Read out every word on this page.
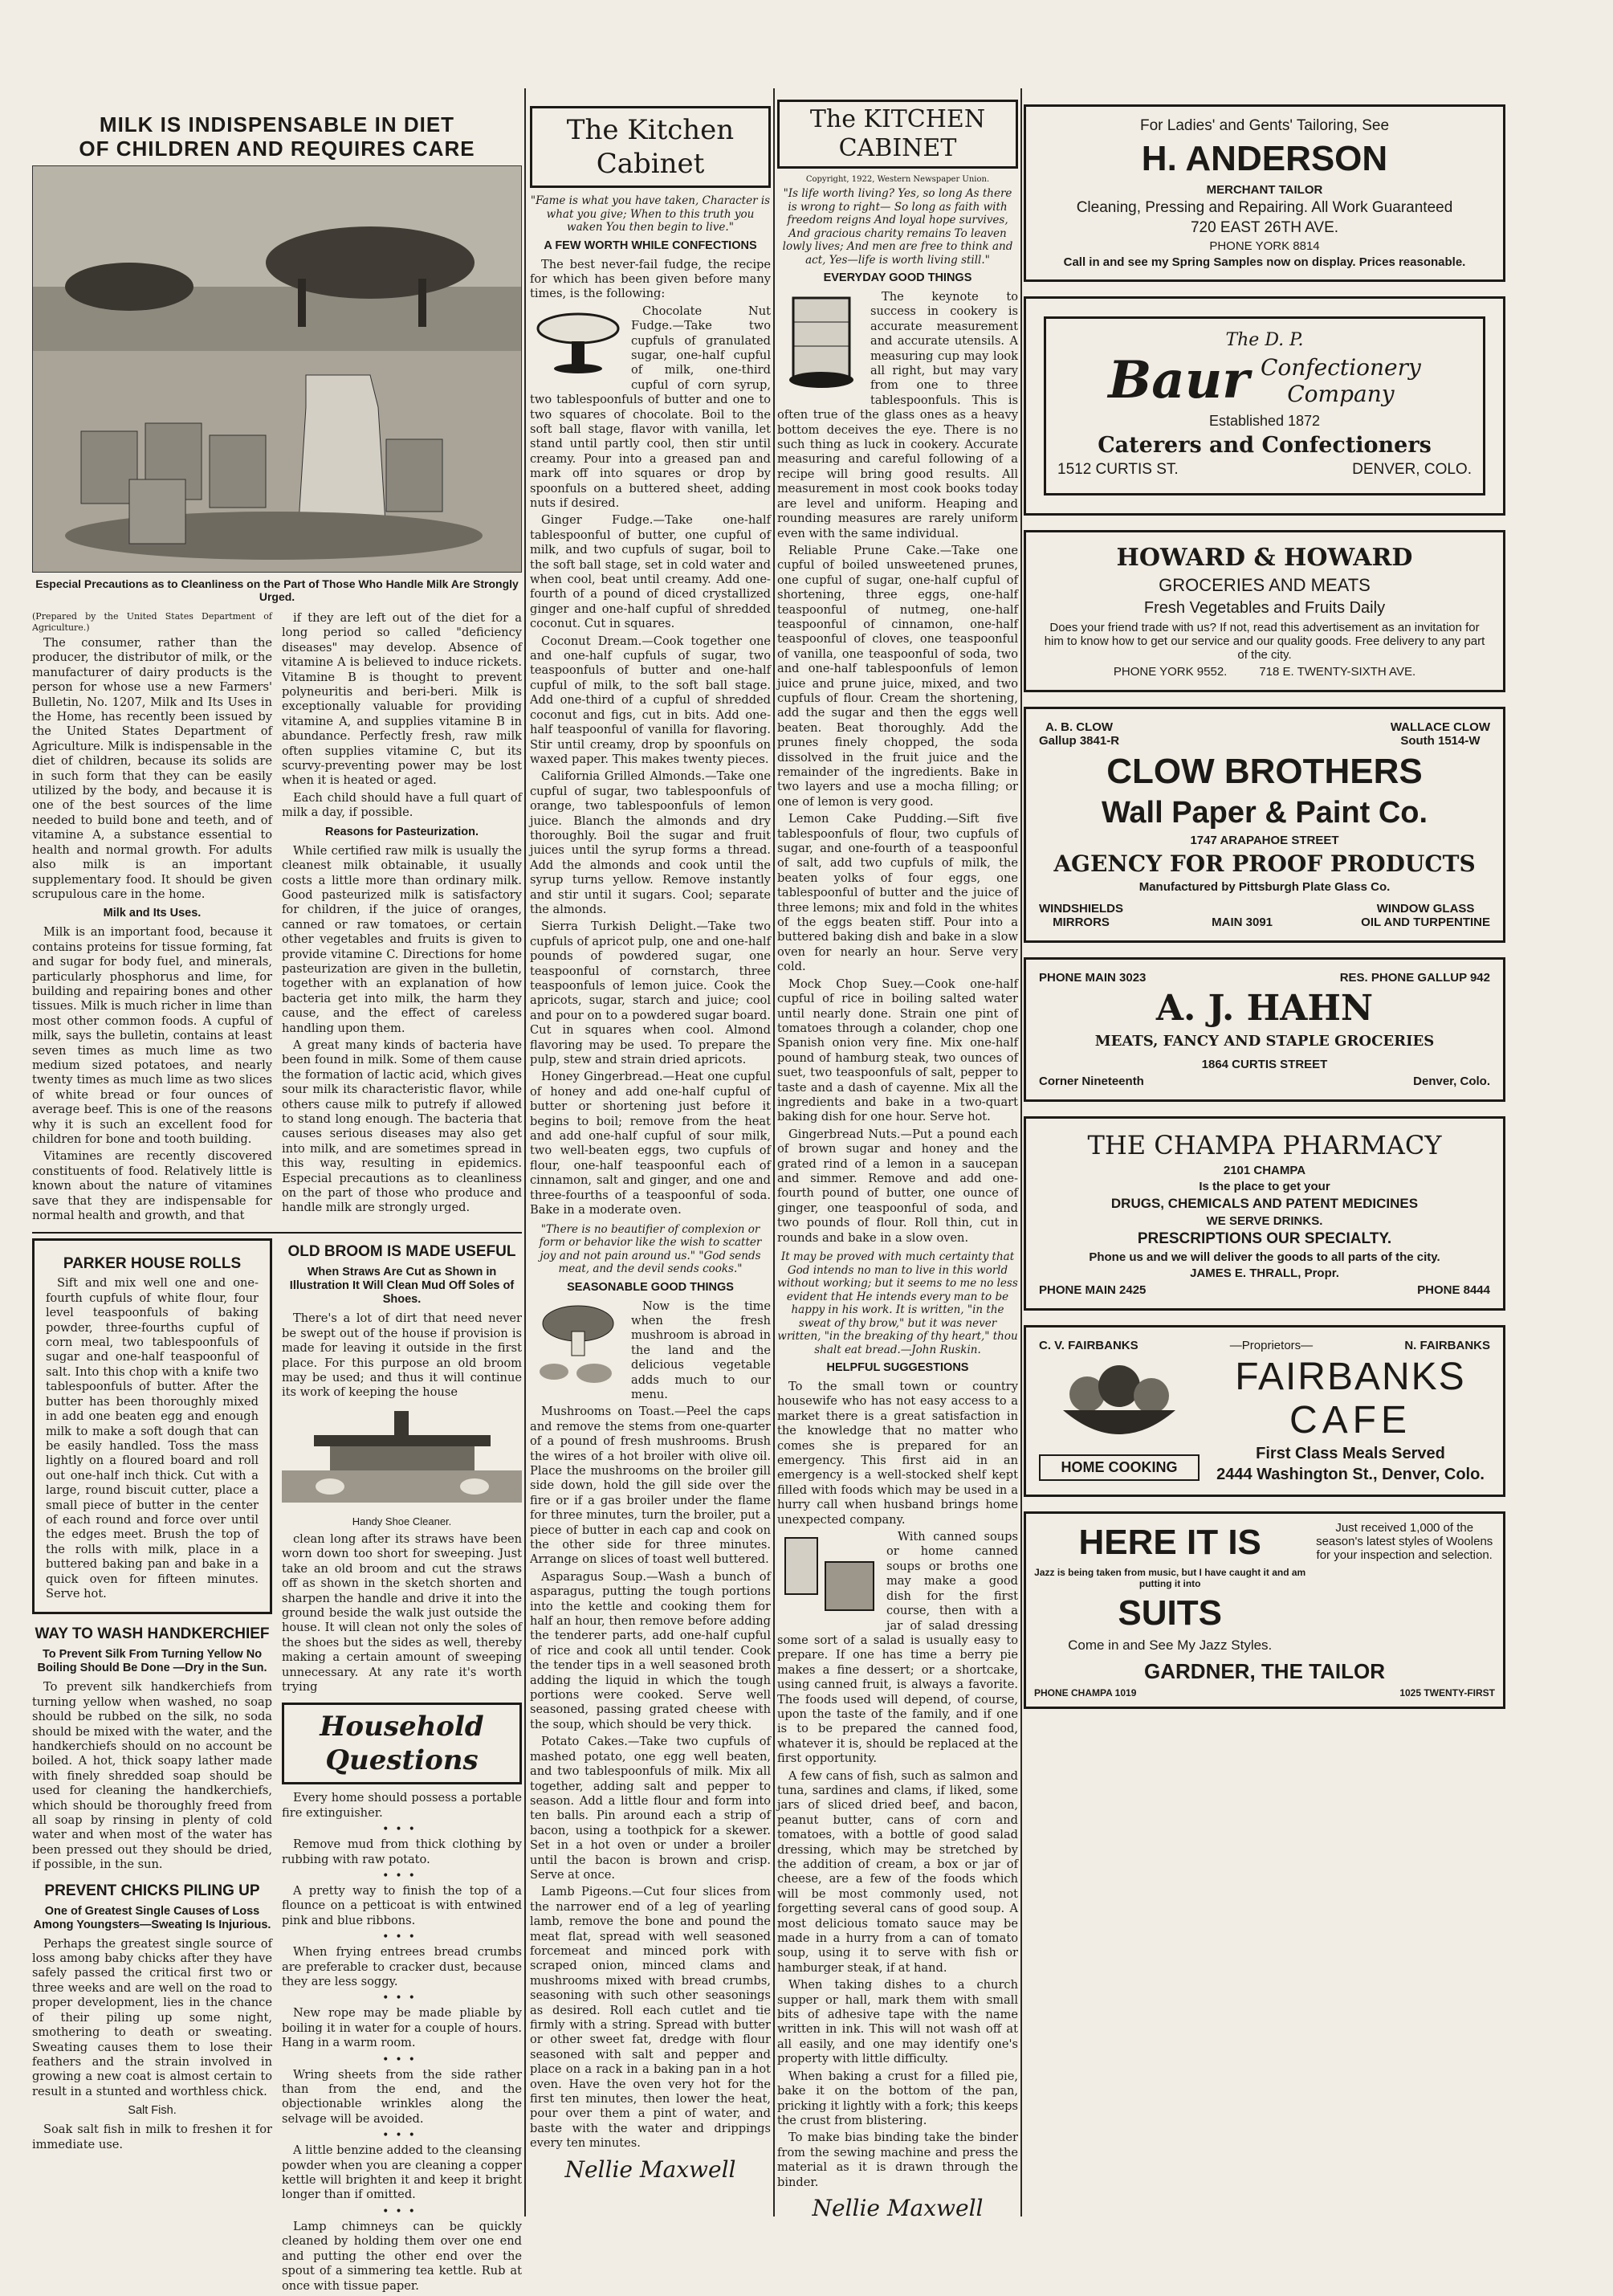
MILK IS INDISPENSABLE IN DIET
OF CHILDREN AND REQUIRES CARE
Especial Precautions as to Cleanliness on the Part of Those Who Handle Milk Are Strongly Urged.

(Prepared by the United States Department of Agriculture.)

The consumer, rather than the producer, the distributor of milk, or the manufacturer of dairy products is the person for whose use a new Farmers' Bulletin, No. 1207, Milk and Its Uses in the Home, has recently been issued by the United States Department of Agriculture. Milk is indispensable in the diet of children, because its solids are in such form that they can be easily utilized by the body, and because it is one of the best sources of the lime needed to build bone and teeth, and of vitamine A, a substance essential to health and normal growth. For adults also milk is an important supplementary food. It should be given scrupulous care in the home.

Milk and Its Uses.

Milk is an important food, because it contains proteins for tissue forming, fat and sugar for body fuel, and minerals, particularly phosphorus and lime, for building and repairing bones and other tissues. Milk is much richer in lime than most other common foods. A cupful of milk, says the bulletin, contains at least seven times as much lime as two medium sized potatoes, and nearly twenty times as much lime as two slices of white bread or four ounces of average beef. This is one of the reasons why it is such an excellent food for children for bone and tooth building.

Vitamines are recently discovered constituents of food. Relatively little is known about the nature of vitamines save that they are indispensable for normal health and growth, and that

if they are left out of the diet for a long period so called "deficiency diseases" may develop. Absence of vitamine A is believed to induce rickets. Vitamine B is thought to prevent polyneuritis and beri-beri. Milk is exceptionally valuable for providing vitamine A, and supplies vitamine B in abundance. Perfectly fresh, raw milk often supplies vitamine C, but its scurvy-preventing power may be lost when it is heated or aged.

Each child should have a full quart of milk a day, if possible.

Reasons for Pasteurization.

While certified raw milk is usually the cleanest milk obtainable, it usually costs a little more than ordinary milk. Good pasteurized milk is satisfactory for children, if the juice of oranges, canned or raw tomatoes, or certain other vegetables and fruits is given to provide vitamine C. Directions for home pasteurization are given in the bulletin, together with an explanation of how bacteria get into milk, the harm they cause, and the effect of careless handling upon them.

A great many kinds of bacteria have been found in milk. Some of them cause the formation of lactic acid, which gives sour milk its characteristic flavor, while others cause milk to putrefy if allowed to stand long enough. The bacteria that causes serious diseases may also get into milk, and are sometimes spread in this way, resulting in epidemics. Especial precautions as to cleanliness on the part of those who produce and handle milk are strongly urged.

PARKER HOUSE ROLLS

Sift and mix well one and one-fourth cupfuls of white flour, four level teaspoonfuls of baking powder, three-fourths cupful of corn meal, two tablespoonfuls of sugar and one-half teaspoonful of salt. Into this chop with a knife two tablespoonfuls of butter. After the butter has been thoroughly mixed in add one beaten egg and enough milk to make a soft dough that can be easily handled. Toss the mass lightly on a floured board and roll out one-half inch thick. Cut with a large, round biscuit cutter, place a small piece of butter in the center of each round and force over until the edges meet. Brush the top of the rolls with milk, place in a buttered baking pan and bake in a quick oven for fifteen minutes. Serve hot.

WAY TO WASH HANDKERCHIEF
To Prevent Silk From Turning Yellow No Boiling Should Be Done —Dry in the Sun.

To prevent silk handkerchiefs from turning yellow when washed, no soap should be rubbed on the silk, no soda should be mixed with the water, and the handkerchiefs should on no account be boiled. A hot, thick soapy lather made with finely shredded soap should be used for cleaning the handkerchiefs, which should be thoroughly freed from all soap by rinsing in plenty of cold water and when most of the water has been pressed out they should be dried, if possible, in the sun.

PREVENT CHICKS PILING UP
One of Greatest Single Causes of Loss Among Youngsters—Sweating Is Injurious.

Perhaps the greatest single source of loss among baby chicks after they have safely passed the critical first two or three weeks and are well on the road to proper development, lies in the chance of their piling up some night, smothering to death or sweating. Sweating causes them to lose their feathers and the strain involved in growing a new coat is almost certain to result in a stunted and worthless chick.

Salt Fish.

Soak salt fish in milk to freshen it for immediate use.

OLD BROOM IS MADE USEFUL
When Straws Are Cut as Shown in Illustration It Will Clean Mud Off Soles of Shoes.

There's a lot of dirt that need never be swept out of the house if provision is made for leaving it outside in the first place. For this purpose an old broom may be used; and thus it will continue its work of keeping the house

Handy Shoe Cleaner.

clean long after its straws have been worn down too short for sweeping. Just take an old broom and cut the straws off as shown in the sketch shorten and sharpen the handle and drive it into the ground beside the walk just outside the house. It will clean not only the soles of the shoes but the sides as well, thereby making a certain amount of sweeping unnecessary. At any rate it's worth trying

Household
Questions

Every home should possess a portable fire extinguisher.

•••

Remove mud from thick clothing by rubbing with raw potato.

•••

A pretty way to finish the top of a flounce on a petticoat is with entwined pink and blue ribbons.

•••

When frying entrees bread crumbs are preferable to cracker dust, because they are less soggy.

•••

New rope may be made pliable by boiling it in water for a couple of hours. Hang in a warm room.

•••

Wring sheets from the side rather than from the end, and the objectionable wrinkles along the selvage will be avoided.

•••

A little benzine added to the cleansing powder when you are cleaning a copper kettle will brighten it and keep it bright longer than if omitted.

•••

Lamp chimneys can be quickly cleaned by holding them over one end and putting the other end over the spout of a simmering tea kettle. Rub at once with tissue paper.

The Kitchen
Cabinet

"Fame is what you have taken, Character is what you give; When to this truth you waken You then begin to live."

A FEW WORTH WHILE CONFECTIONS

The best never-fail fudge, the recipe for which has been given before many times, is the following:

Chocolate Nut Fudge.—Take two cupfuls of granulated sugar, one-half cupful of milk, one-third cupful of corn syrup, two tablespoonfuls of butter and one to two squares of chocolate. Boil to the soft ball stage, flavor with vanilla, let stand until partly cool, then stir until creamy. Pour into a greased pan and mark off into squares or drop by spoonfuls on a buttered sheet, adding nuts if desired.

Ginger Fudge.—Take one-half tablespoonful of butter, one cupful of milk, and two cupfuls of sugar, boil to the soft ball stage, set in cold water and when cool, beat until creamy. Add one-fourth of a pound of diced crystallized ginger and one-half cupful of shredded coconut. Cut in squares.

Coconut Dream.—Cook together one and one-half cupfuls of sugar, two teaspoonfuls of butter and one-half cupful of milk, to the soft ball stage. Add one-third of a cupful of shredded coconut and figs, cut in bits. Add one-half teaspoonful of vanilla for flavoring. Stir until creamy, drop by spoonfuls on waxed paper. This makes twenty pieces.

California Grilled Almonds.—Take one cupful of sugar, two tablespoonfuls of orange, two tablespoonfuls of lemon juice. Blanch the almonds and dry thoroughly. Boil the sugar and fruit juices until the syrup forms a thread. Add the almonds and cook until the syrup turns yellow. Remove instantly and stir until it sugars. Cool; separate the almonds.

Sierra Turkish Delight.—Take two cupfuls of apricot pulp, one and one-half pounds of powdered sugar, one teaspoonful of cornstarch, three teaspoonfuls of lemon juice. Cook the apricots, sugar, starch and juice; cool and pour on to a powdered sugar board. Cut in squares when cool. Almond flavoring may be used. To prepare the pulp, stew and strain dried apricots.

Honey Gingerbread.—Heat one cupful of honey and add one-half cupful of butter or shortening just before it begins to boil; remove from the heat and add one-half cupful of sour milk, two well-beaten eggs, two cupfuls of flour, one-half teaspoonful each of cinnamon, salt and ginger, and one and three-fourths of a teaspoonful of soda. Bake in a moderate oven.

"There is no beautifier of complexion or form or behavior like the wish to scatter joy and not pain around us." "God sends meat, and the devil sends cooks."

SEASONABLE GOOD THINGS

Now is the time when the fresh mushroom is abroad in the land and the delicious vegetable adds much to our menu.

Mushrooms on Toast.—Peel the caps and remove the stems from one-quarter of a pound of fresh mushrooms. Brush the wires of a hot broiler with olive oil. Place the mushrooms on the broiler gill side down, hold the gill side over the fire or if a gas broiler under the flame for three minutes, turn the broiler, put a piece of butter in each cap and cook on the other side for three minutes. Arrange on slices of toast well buttered.

Asparagus Soup.—Wash a bunch of asparagus, putting the tough portions into the kettle and cooking them for half an hour, then remove before adding the tenderer parts, add one-half cupful of rice and cook all until tender. Cook the tender tips in a well seasoned broth adding the liquid in which the tough portions were cooked. Serve well seasoned, passing grated cheese with the soup, which should be very thick.

Potato Cakes.—Take two cupfuls of mashed potato, one egg well beaten, and two tablespoonfuls of milk. Mix all together, adding salt and pepper to season. Add a little flour and form into ten balls. Pin around each a strip of bacon, using a toothpick for a skewer. Set in a hot oven or under a broiler until the bacon is brown and crisp. Serve at once.

Lamb Pigeons.—Cut four slices from the narrower end of a leg of yearling lamb, remove the bone and pound the meat flat, spread with well seasoned forcemeat and minced pork with scraped onion, minced clams and mushrooms mixed with bread crumbs, seasoning with such other seasonings as desired. Roll each cutlet and tie firmly with a string. Spread with butter or other sweet fat, dredge with flour seasoned with salt and pepper and place on a rack in a baking pan in a hot oven. Have the oven very hot for the first ten minutes, then lower the heat, pour over them a pint of water, and baste with the water and drippings every ten minutes.

Nellie Maxwell
The KITCHEN
CABINET
Copyright, 1922, Western Newspaper Union.

"Is life worth living? Yes, so long As there is wrong to right— So long as faith with freedom reigns And loyal hope survives, And gracious charity remains To leaven lowly lives; And men are free to think and act, Yes—life is worth living still."

EVERYDAY GOOD THINGS

The keynote to success in cookery is accurate measurement and accurate utensils. A measuring cup may look all right, but may vary from one to three tablespoonfuls. This is often true of the glass ones as a heavy bottom deceives the eye. There is no such thing as luck in cookery. Accurate measuring and careful following of a recipe will bring good results. All measurement in most cook books today are level and uniform. Heaping and rounding measures are rarely uniform even with the same individual.

Reliable Prune Cake.—Take one cupful of boiled unsweetened prunes, one cupful of sugar, one-half cupful of shortening, three eggs, one-half teaspoonful of nutmeg, one-half teaspoonful of cinnamon, one-half teaspoonful of cloves, one teaspoonful of vanilla, one teaspoonful of soda, two and one-half tablespoonfuls of lemon juice and prune juice, mixed, and two cupfuls of flour. Cream the shortening, add the sugar and then the eggs well beaten. Beat thoroughly. Add the prunes finely chopped, the soda dissolved in the fruit juice and the remainder of the ingredients. Bake in two layers and use a mocha filling; or one of lemon is very good.

Lemon Cake Pudding.—Sift five tablespoonfuls of flour, two cupfuls of sugar, and one-fourth of a teaspoonful of salt, add two cupfuls of milk, the beaten yolks of four eggs, one tablespoonful of butter and the juice of three lemons; mix and fold in the whites of the eggs beaten stiff. Pour into a buttered baking dish and bake in a slow oven for nearly an hour. Serve very cold.

Mock Chop Suey.—Cook one-half cupful of rice in boiling salted water until nearly done. Strain one pint of tomatoes through a colander, chop one Spanish onion very fine. Mix one-half pound of hamburg steak, two ounces of suet, two teaspoonfuls of salt, pepper to taste and a dash of cayenne. Mix all the ingredients and bake in a two-quart baking dish for one hour. Serve hot.

Gingerbread Nuts.—Put a pound each of brown sugar and honey and the grated rind of a lemon in a saucepan and simmer. Remove and add one-fourth pound of butter, one ounce of ginger, one teaspoonful of soda, and two pounds of flour. Roll thin, cut in rounds and bake in a slow oven.

It may be proved with much certainty that God intends no man to live in this world without working; but it seems to me no less evident that He intends every man to be happy in his work. It is written, "in the sweat of thy brow," but it was never written, "in the breaking of thy heart," thou shalt eat bread.—John Ruskin.

HELPFUL SUGGESTIONS

To the small town or country housewife who has not easy access to a market there is a great satisfaction in the knowledge that no matter who comes she is prepared for an emergency. This first aid in an emergency is a well-stocked shelf kept filled with foods which may be used in a hurry call when husband brings home unexpected company.

With canned soups or home canned soups or broths one may make a good dish for the first course, then with a jar of salad dressing some sort of a salad is usually easy to prepare. If one has time a berry pie makes a fine dessert; or a shortcake, using canned fruit, is always a favorite. The foods used will depend, of course, upon the taste of the family, and if one is to be prepared the canned food, whatever it is, should be replaced at the first opportunity.

A few cans of fish, such as salmon and tuna, sardines and clams, if liked, some jars of sliced dried beef, and bacon, peanut butter, cans of corn and tomatoes, with a bottle of good salad dressing, which may be stretched by the addition of cream, a box or jar of cheese, are a few of the foods which will be most commonly used, not forgetting several cans of good soup. A most delicious tomato sauce may be made in a hurry from a can of tomato soup, using it to serve with fish or hamburger steak, if at hand.

When taking dishes to a church supper or hall, mark them with small bits of adhesive tape with the name written in ink. This will not wash off at all easily, and one may identify one's property with little difficulty.

When baking a crust for a filled pie, bake it on the bottom of the pan, pricking it lightly with a fork; this keeps the crust from blistering.

To make bias binding take the binder from the sewing machine and press the material as it is drawn through the binder.

Nellie Maxwell
For Ladies' and Gents' Tailoring, See
H. ANDERSON
MERCHANT TAILOR
Cleaning, Pressing and Repairing. All Work Guaranteed
720 EAST 26TH AVE.
PHONE YORK 8814
Call in and see my Spring Samples now on display. Prices reasonable.
The D. P.
Baur Confectionery
Company
Established 1872
Caterers and Confectioners
1512 CURTIS ST.	DENVER, COLO.
HOWARD & HOWARD
GROCERIES AND MEATS
Fresh Vegetables and Fruits Daily
Does your friend trade with us? If not, read this advertisement as an invitation for him to know how to get our service and our quality goods. Free delivery to any part of the city.
PHONE YORK 9552.	718 E. TWENTY-SIXTH AVE.
A. B. CLOW
Gallup 3841-R
WALLACE CLOW
South 1514-W
CLOW BROTHERS
Wall Paper & Paint Co.
1747 ARAPAHOE STREET
AGENCY FOR PROOF PRODUCTS
Manufactured by Pittsburgh Plate Glass Co.
WINDSHIELDS
MIRRORS	MAIN 3091
WINDOW GLASS
OIL AND TURPENTINE
PHONE MAIN 3023	RES. PHONE GALLUP 942
A. J. HAHN
MEATS, FANCY AND STAPLE GROCERIES
1864 CURTIS STREET
Corner Nineteenth	Denver, Colo.
THE CHAMPA PHARMACY
2101 CHAMPA
Is the place to get your
DRUGS, CHEMICALS AND PATENT MEDICINES
WE SERVE DRINKS.
PRESCRIPTIONS OUR SPECIALTY.
Phone us and we will deliver the goods to all parts of the city.
JAMES E. THRALL, Propr.
PHONE MAIN 2425	PHONE 8444
C. V. FAIRBANKS	—Proprietors—	N. FAIRBANKS
HOME COOKING
FAIRBANKS
CAFE
First Class Meals Served
2444 Washington St., Denver, Colo.
HERE IT IS
Jazz is being taken from music, but I have caught it and am putting it into
SUITS
Come in and See My Jazz Styles.
Just received 1,000 of the season's latest styles of Woolens for your inspection and selection.
GARDNER, THE TAILOR
PHONE CHAMPA 1019	1025 TWENTY-FIRST
